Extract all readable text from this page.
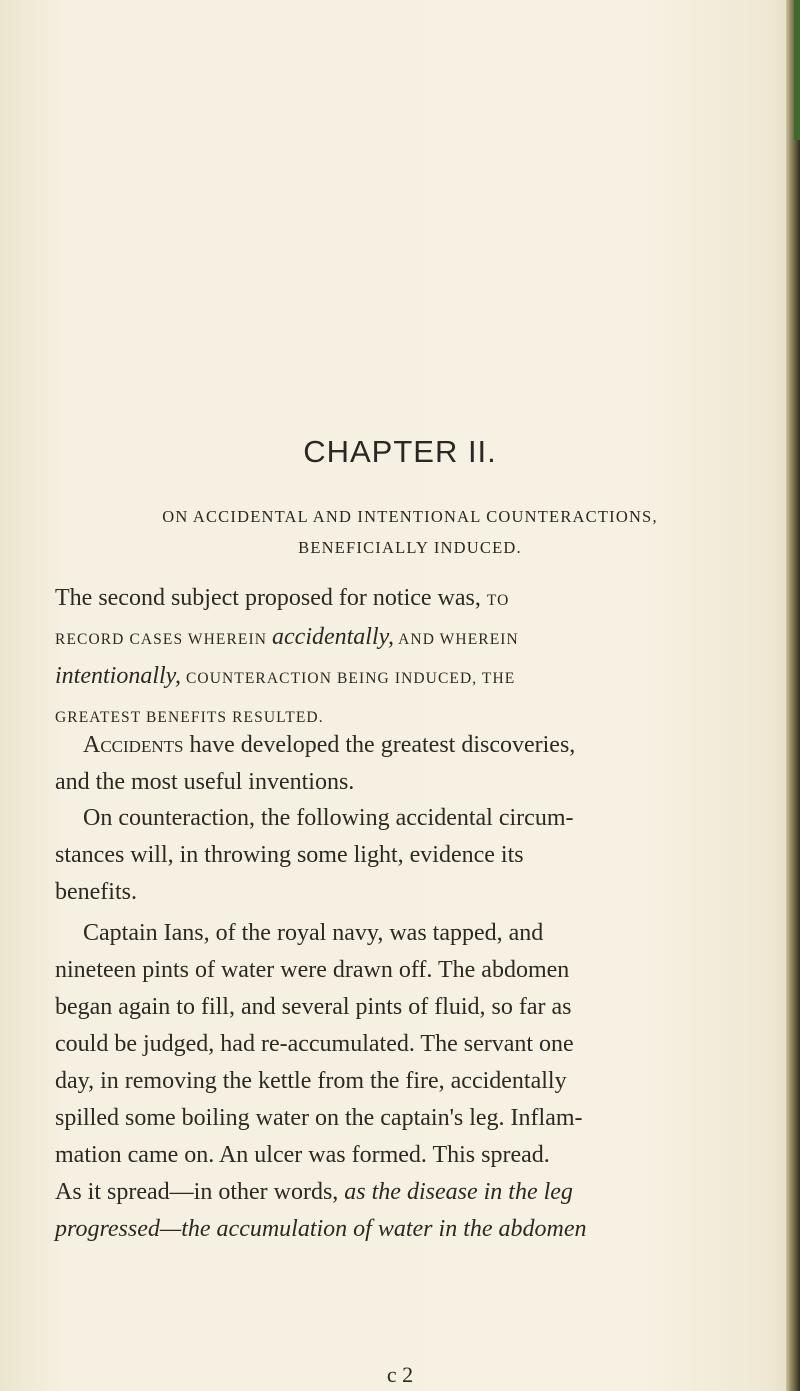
CHAPTER II.
ON ACCIDENTAL AND INTENTIONAL COUNTERACTIONS,
BENEFICIALLY INDUCED.
The second subject proposed for notice was, TO
RECORD CASES WHEREIN accidentally, AND WHEREIN
intentionally, COUNTERACTION BEING INDUCED, THE
GREATEST BENEFITS RESULTED.
Accidents have developed the greatest discoveries,
and the most useful inventions.
On counteraction, the following accidental circum-
stances will, in throwing some light, evidence its
benefits.
Captain Ians, of the royal navy, was tapped, and
nineteen pints of water were drawn off. The abdomen
began again to fill, and several pints of fluid, so far as
could be judged, had re-accumulated. The servant one
day, in removing the kettle from the fire, accidentally
spilled some boiling water on the captain's leg. Inflam-
mation came on. An ulcer was formed. This spread.
As it spread—in other words, as the disease in the leg
progressed—the accumulation of water in the abdomen
c 2
